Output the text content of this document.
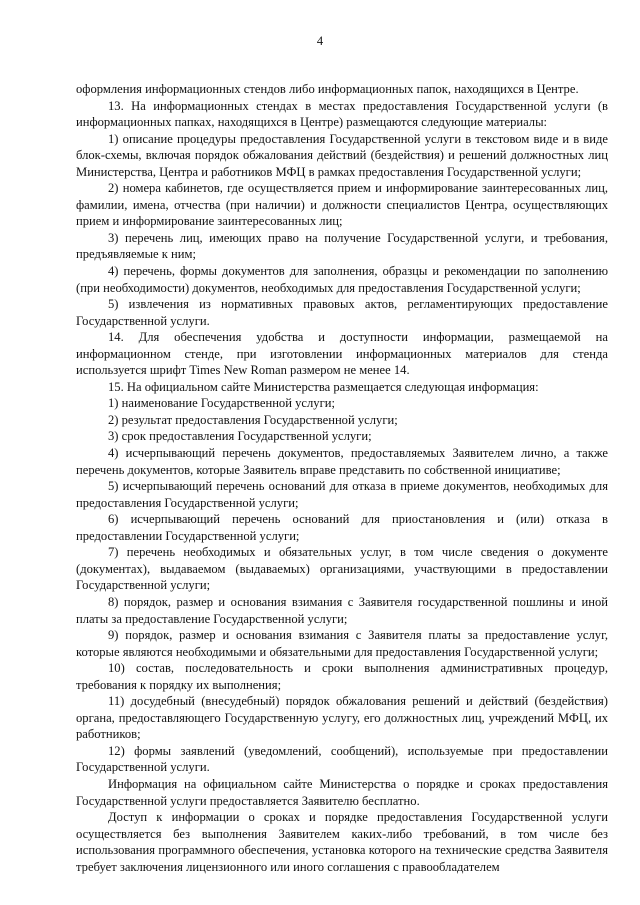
4

оформления информационных стендов либо информационных папок, находящихся в Центре.

13. На информационных стендах в местах предоставления Государственной услуги (в информационных папках, находящихся в Центре) размещаются следующие материалы:

1) описание процедуры предоставления Государственной услуги в текстовом виде и в виде блок-схемы, включая порядок обжалования действий (бездействия) и решений должностных лиц Министерства, Центра и работников МФЦ в рамках предоставления Государственной услуги;

2) номера кабинетов, где осуществляется прием и информирование заинтересованных лиц, фамилии, имена, отчества (при наличии) и должности специалистов Центра, осуществляющих прием и информирование заинтересованных лиц;

3) перечень лиц, имеющих право на получение Государственной услуги, и требования, предъявляемые к ним;

4) перечень, формы документов для заполнения, образцы и рекомендации по заполнению (при необходимости) документов, необходимых для предоставления Государственной услуги;

5) извлечения из нормативных правовых актов, регламентирующих предоставление Государственной услуги.

14. Для обеспечения удобства и доступности информации, размещаемой на информационном стенде, при изготовлении информационных материалов для стенда используется шрифт Times New Roman размером не менее 14.

15. На официальном сайте Министерства размещается следующая информация:

1) наименование Государственной услуги;

2) результат предоставления Государственной услуги;

3) срок предоставления Государственной услуги;

4) исчерпывающий перечень документов, предоставляемых Заявителем лично, а также перечень документов, которые Заявитель вправе представить по собственной инициативе;

5) исчерпывающий перечень оснований для отказа в приеме документов, необходимых для предоставления Государственной услуги;

6) исчерпывающий перечень оснований для приостановления и (или) отказа в предоставлении Государственной услуги;

7) перечень необходимых и обязательных услуг, в том числе сведения о документе (документах), выдаваемом (выдаваемых) организациями, участвующими в предоставлении Государственной услуги;

8) порядок, размер и основания взимания с Заявителя государственной пошлины и иной платы за предоставление Государственной услуги;

9) порядок, размер и основания взимания с Заявителя платы за предоставление услуг, которые являются необходимыми и обязательными для предоставления Государственной услуги;

10) состав, последовательность и сроки выполнения административных процедур, требования к порядку их выполнения;

11) досудебный (внесудебный) порядок обжалования решений и действий (бездействия) органа, предоставляющего Государственную услугу, его должностных лиц, учреждений МФЦ, их работников;

12) формы заявлений (уведомлений, сообщений), используемые при предоставлении Государственной услуги.

Информация на официальном сайте Министерства о порядке и сроках предоставления Государственной услуги предоставляется Заявителю бесплатно.

Доступ к информации о сроках и порядке предоставления Государственной услуги осуществляется без выполнения Заявителем каких-либо требований, в том числе без использования программного обеспечения, установка которого на технические средства Заявителя требует заключения лицензионного или иного соглашения с правообладателем
